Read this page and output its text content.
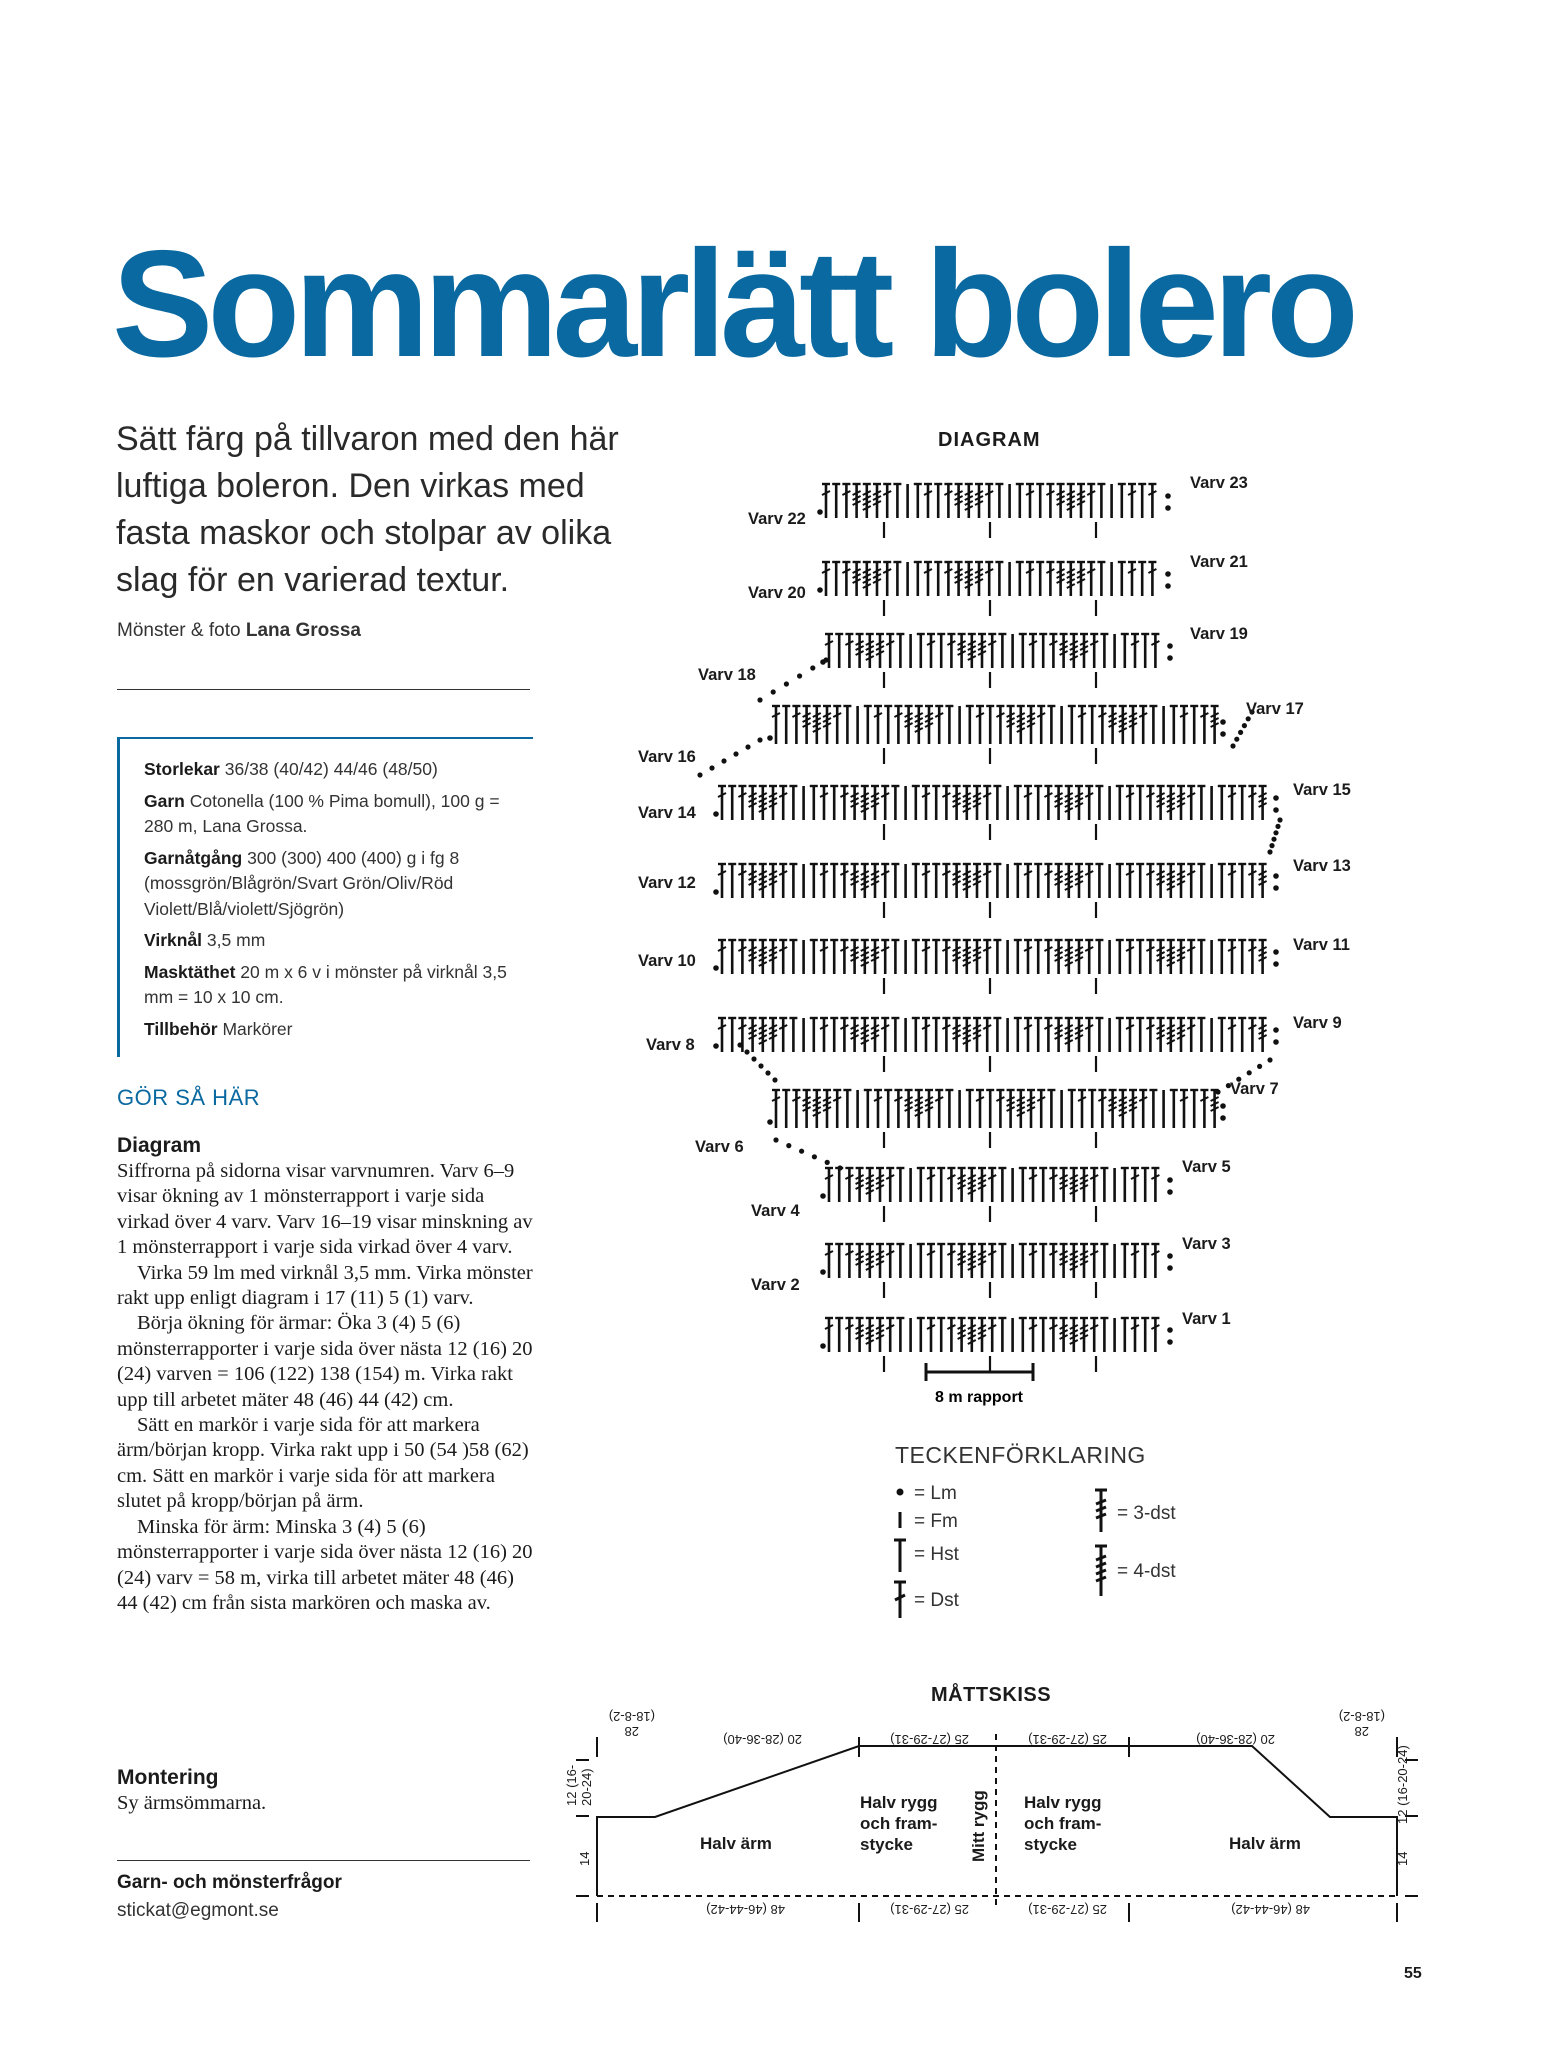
Sommarlätt bolero
Sätt färg på tillvaron med den här luftiga boleron. Den virkas med fasta maskor och stolpar av olika slag för en varierad textur.
Mönster & foto Lana Grossa
Storlekar 36/38 (40/42) 44/46 (48/50)
Garn Cotonella (100 % Pima bomull), 100 g = 280 m, Lana Grossa.
Garnåtgång 300 (300) 400 (400) g i fg 8 (mossgrön/Blågrön/Svart Grön/Oliv/Röd Violett/Blå/violett/Sjögrön)
Virknål 3,5 mm
Masktäthet 20 m x 6 v i mönster på virknål 3,5 mm = 10 x 10 cm.
Tillbehör Markörer
GÖR SÅ HÄR
Diagram

Siffrorna på sidorna visar varvnumren. Varv 6–9 visar ökning av 1 mönsterrapport i varje sida virkad över 4 varv. Varv 16–19 visar minskning av 1 mönsterrapport i varje sida virkad över 4 varv.

Virka 59 lm med virknål 3,5 mm. Virka mönster rakt upp enligt diagram i 17 (11) 5 (1) varv.

Börja ökning för ärmar: Öka 3 (4) 5 (6) mönsterrapporter i varje sida över nästa 12 (16) 20 (24) varven = 106 (122) 138 (154) m. Virka rakt upp till arbetet mäter 48 (46) 44 (42) cm.

Sätt en markör i varje sida för att markera ärm/början kropp. Virka rakt upp i 50 (54 )58 (62) cm. Sätt en markör i varje sida för att markera slutet på kropp/början på ärm.

Minska för ärm: Minska 3 (4) 5 (6) mönsterrapporter i varje sida över nästa 12 (16) 20 (24) varv = 58 m, virka till arbetet mäter 48 (46) 44 (42) cm från sista markören och maska av.

Montering
Sy ärmsömmarna.
Garn- och mönsterfrågor
stickat@egmont.se
55
DIAGRAM
TECKENFÖRKLARING
MÅTTSKISS
Varv 23
Varv 21
Varv 19
Varv 17
Varv 15
Varv 13
Varv 11
Varv 9
Varv 7
Varv 5
Varv 3
Varv 1
Varv 22
Varv 20
Varv 18
Varv 16
Varv 14
Varv 12
Varv 10
Varv 8
Varv 6
Varv 4
Varv 2
8 m rapport
= Lm
= Fm
= Hst
= Dst
= 3-dst
= 4-dst
Halv ärm	Halv ärm
Halv rygg och fram- stycke
Halv rygg och fram- stycke
Mitt rygg
28
(18-8-2)
20 (28-36-40)	25 (27-29-31)	25 (27-29-31)	20 (28-36-40)
28
(18-8-2)
48 (46-44-42)	25 (27-29-31)	25 (27-29-31)	48 (46-44-42)
12 (16- 20-24)
14
12 (16-20-24)
14
